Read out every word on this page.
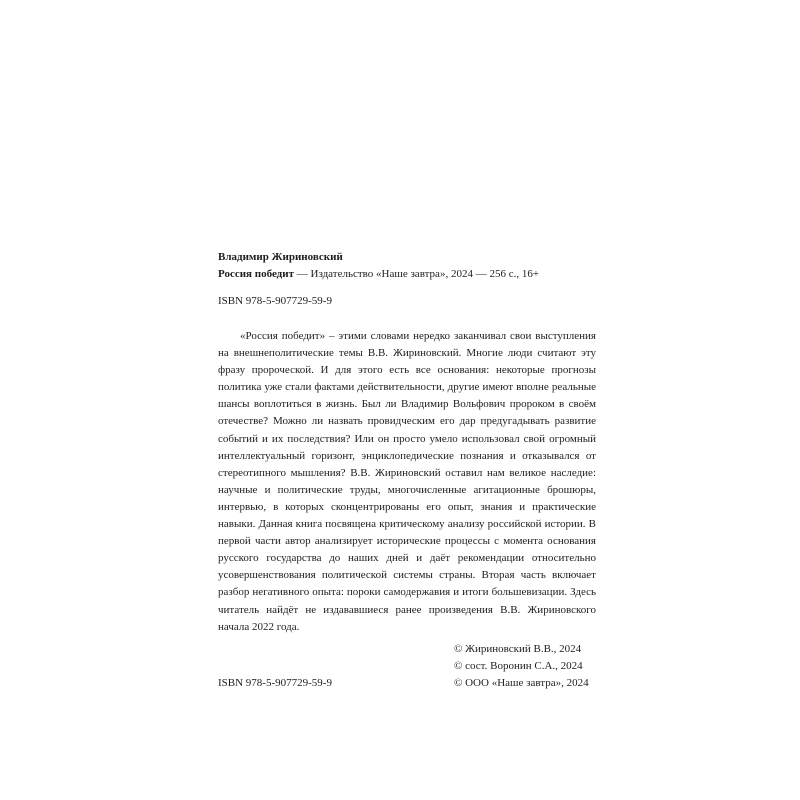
Владимир Жириновский
Россия победит — Издательство «Наше завтра», 2024 — 256 с., 16+
ISBN 978-5-907729-59-9

«Россия победит» – этими словами нередко заканчивал свои выступления на внешнеполитические темы В.В. Жириновский. Многие люди считают эту фразу пророческой. И для этого есть все основания: некоторые прогнозы политика уже стали фактами действительности, другие имеют вполне реальные шансы воплотиться в жизнь. Был ли Владимир Вольфович пророком в своём отечестве? Можно ли назвать провидческим его дар предугадывать развитие событий и их последствия? Или он просто умело использовал свой огромный интеллектуальный горизонт, энциклопедические познания и отказывался от стереотипного мышления? В.В. Жириновский оставил нам великое наследие: научные и политические труды, многочисленные агитационные брошюры, интервью, в которых сконцентрированы его опыт, знания и практические навыки. Данная книга посвящена критическому анализу российской истории. В первой части автор анализирует исторические процессы с момента основания русского государства до наших дней и даёт рекомендации относительно усовершенствования политической системы страны. Вторая часть включает разбор негативного опыта: пороки самодержавия и итоги большевизации. Здесь читатель найдёт не издававшиеся ранее произведения В.В. Жириновского начала 2022 года.

ISBN 978-5-907729-59-9
© Жириновский В.В., 2024
© сост. Воронин С.А., 2024
© ООО «Наше завтра», 2024
